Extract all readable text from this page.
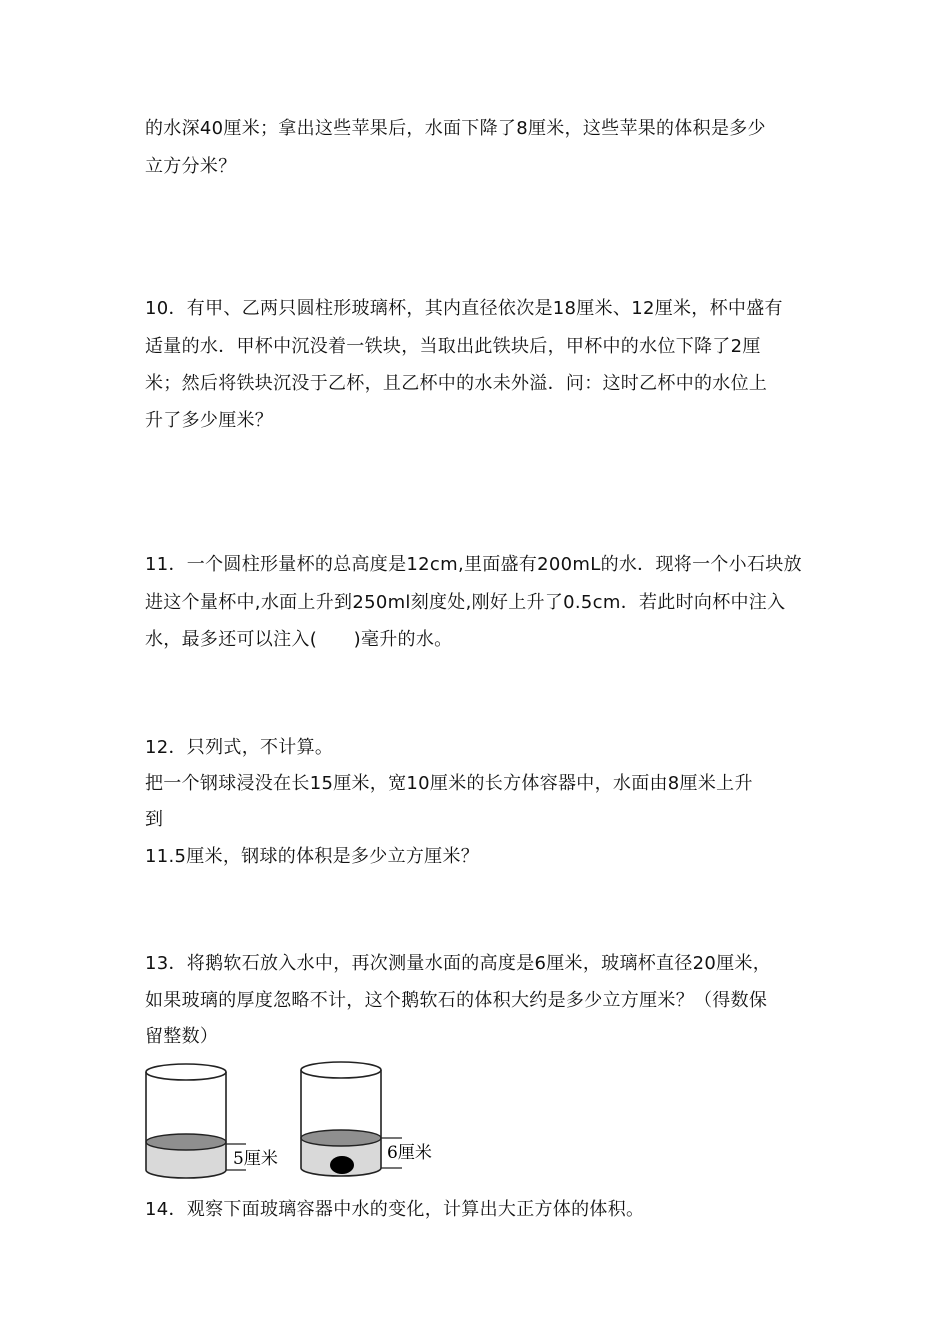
的水深40厘米；拿出这些苹果后，水面下降了8厘米，这些苹果的体积是多少
立方分米？
10．有甲、乙两只圆柱形玻璃杯，其内直径依次是18厘米、12厘米，杯中盛有
适量的水．甲杯中沉没着一铁块，当取出此铁块后，甲杯中的水位下降了2厘
米；然后将铁块沉没于乙杯，且乙杯中的水未外溢．问：这时乙杯中的水位上
升了多少厘米？
11．一个圆柱形量杯的总高度是12cm,里面盛有200mL的水．现将一个小石块放
进这个量杯中,水面上升到250ml刻度处,刚好上升了0.5cm．若此时向杯中注入
水，最多还可以注入(　　)毫升的水。
12．只列式，不计算。
把一个钢球浸没在长15厘米，宽10厘米的长方体容器中，水面由8厘米上升
到
11.5厘米，钢球的体积是多少立方厘米？
13．将鹅软石放入水中，再次测量水面的高度是6厘米，玻璃杯直径20厘米，
如果玻璃的厚度忽略不计，这个鹅软石的体积大约是多少立方厘米？（得数保
留整数）
5厘米	6厘米
14．观察下面玻璃容器中水的变化，计算出大正方体的体积。
